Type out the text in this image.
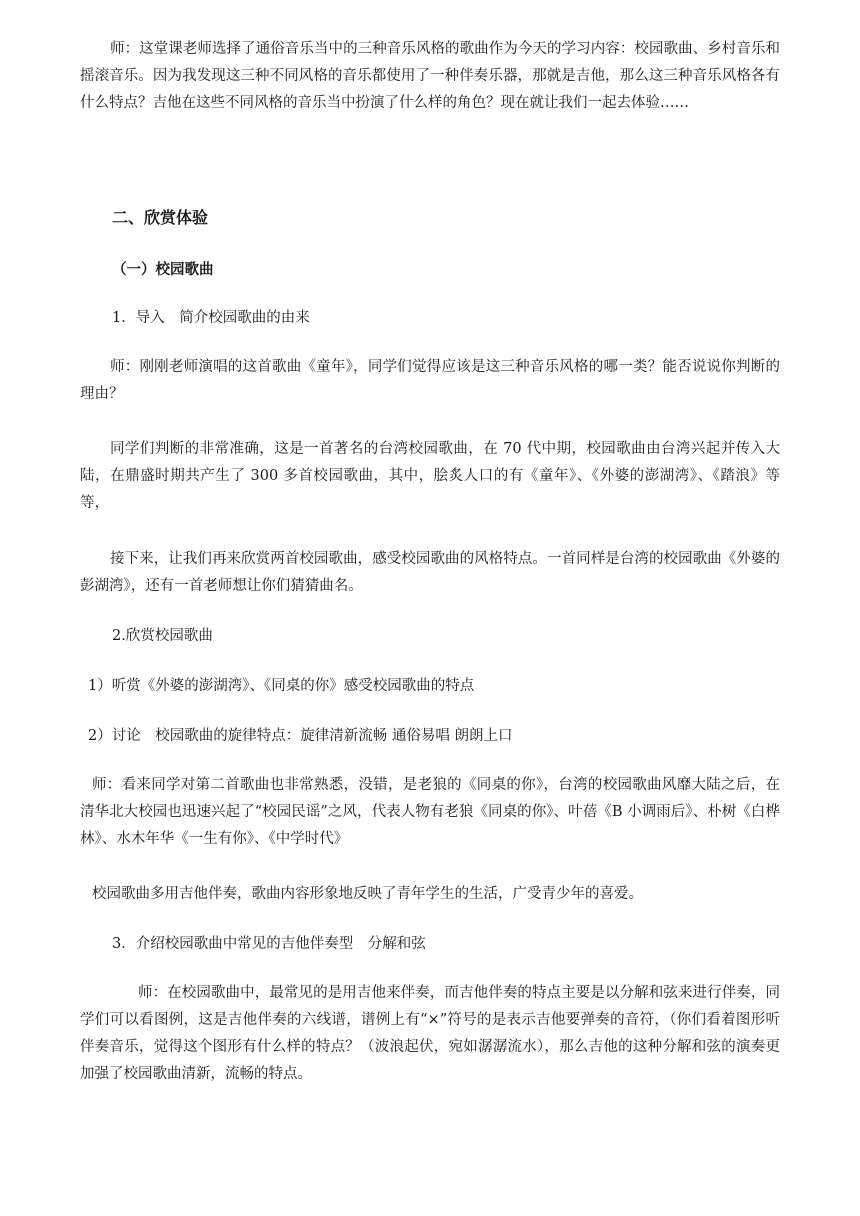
师：这堂课老师选择了通俗音乐当中的三种音乐风格的歌曲作为今天的学习内容：校园歌曲、乡村音乐和摇滚音乐。因为我发现这三种不同风格的音乐都使用了一种伴奏乐器，那就是吉他，那么这三种音乐风格各有什么特点？吉他在这些不同风格的音乐当中扮演了什么样的角色？现在就让我们一起去体验……

二、欣赏体验
（一）校园歌曲

1．导入　简介校园歌曲的由来

师：刚刚老师演唱的这首歌曲《童年》，同学们觉得应该是这三种音乐风格的哪一类？能否说说你判断的理由？

同学们判断的非常准确，这是一首著名的台湾校园歌曲，在 70 代中期，校园歌曲由台湾兴起并传入大陆，在鼎盛时期共产生了 300 多首校园歌曲，其中，脍炙人口的有《童年》、《外婆的澎湖湾》、《踏浪》等等，

接下来，让我们再来欣赏两首校园歌曲，感受校园歌曲的风格特点。一首同样是台湾的校园歌曲《外婆的彭湖湾》，还有一首老师想让你们猜猜曲名。

2.欣赏校园歌曲

1）听赏《外婆的澎湖湾》、《同桌的你》感受校园歌曲的特点

2）讨论　校园歌曲的旋律特点：旋律清新流畅 通俗易唱 朗朗上口

师：看来同学对第二首歌曲也非常熟悉，没错，是老狼的《同桌的你》，台湾的校园歌曲风靡大陆之后，在清华北大校园也迅速兴起了“校园民谣”之风，代表人物有老狼《同桌的你》、叶蓓《B 小调雨后》、朴树《白桦林》、水木年华《一生有你》、《中学时代》

校园歌曲多用吉他伴奏，歌曲内容形象地反映了青年学生的生活，广受青少年的喜爱。

3．介绍校园歌曲中常见的吉他伴奏型　分解和弦

师：在校园歌曲中，最常见的是用吉他来伴奏，而吉他伴奏的特点主要是以分解和弦来进行伴奏，同学们可以看图例，这是吉他伴奏的六线谱，谱例上有“×”符号的是表示吉他要弹奏的音符，（你们看着图形听伴奏音乐，觉得这个图形有什么样的特点？（波浪起伏，宛如潺潺流水），那么吉他的这种分解和弦的演奏更加强了校园歌曲清新，流畅的特点。
